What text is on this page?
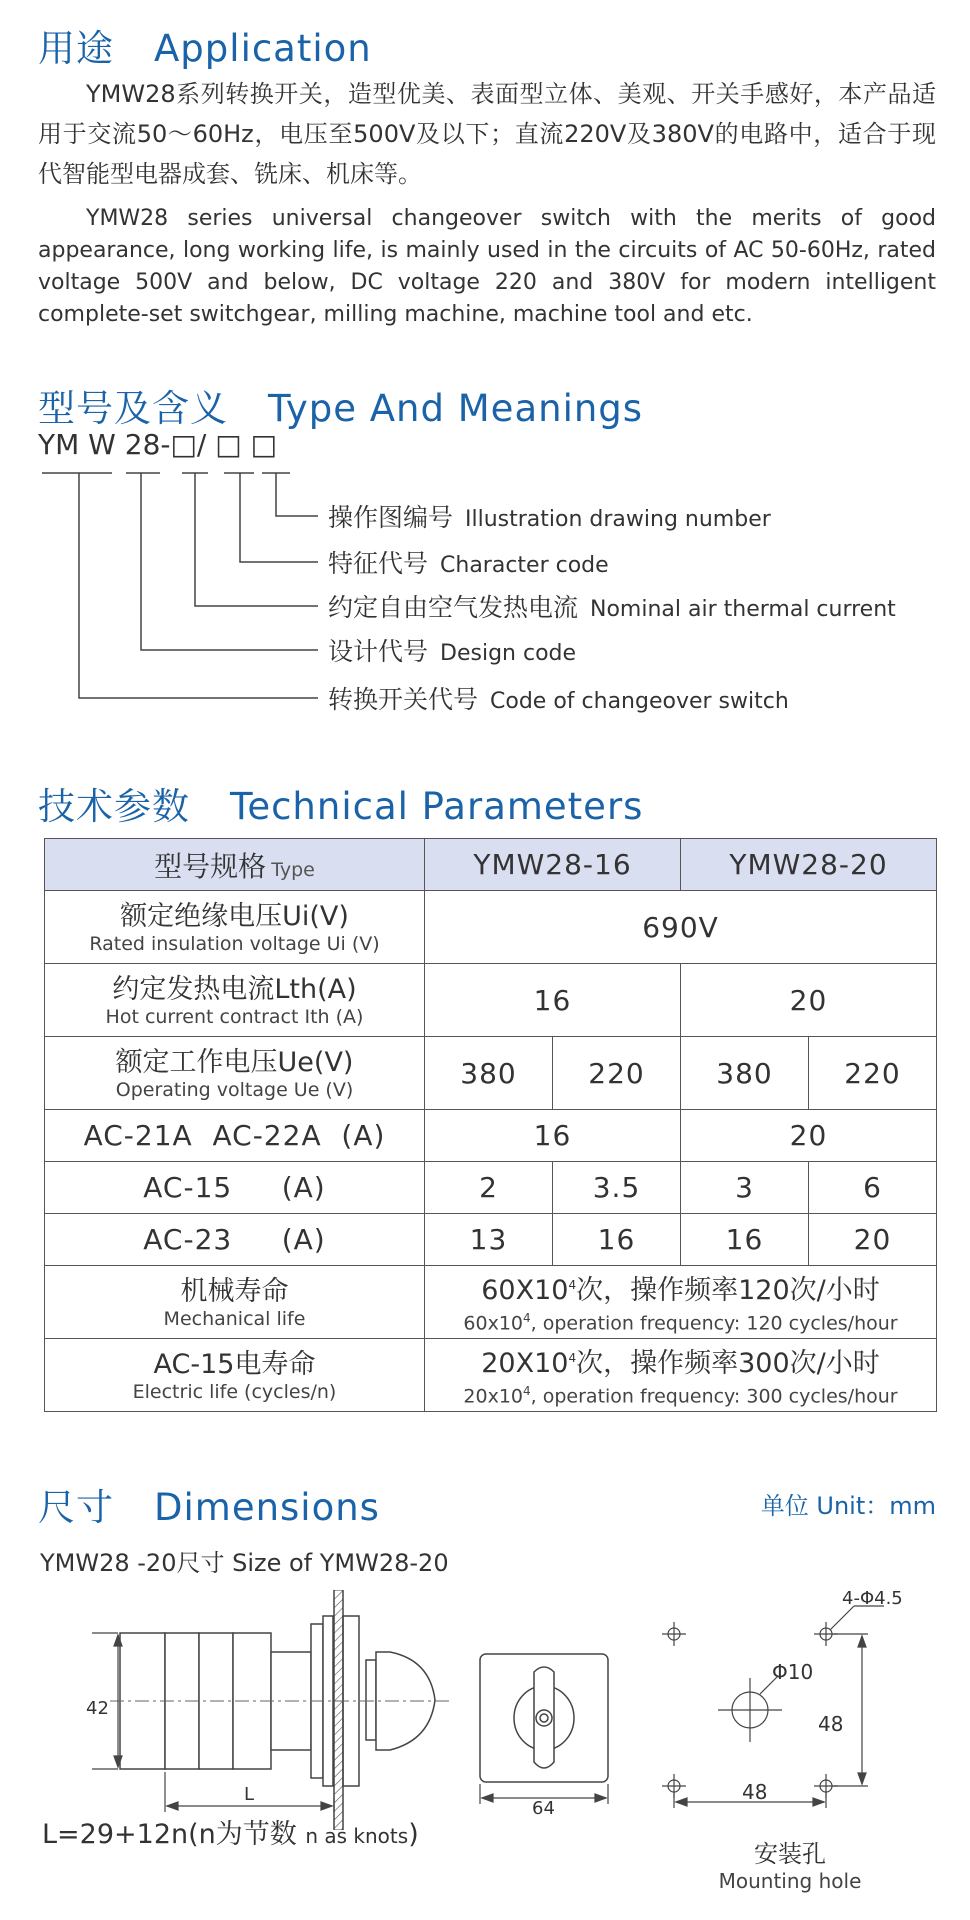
用途 Application
YMW28系列转换开关，造型优美、表面型立体、美观、开关手感好，本产品适用于交流50～60Hz，电压至500V及以下；直流220V及380V的电路中，适合于现代智能型电器成套、铣床、机床等。
YMW28 series universal changeover switch with the merits of good appearance, long working life, is mainly used in the circuits of AC 50-60Hz, rated voltage 500V and below, DC voltage 220 and 380V for modern intelligent complete-set switchgear, milling machine, machine tool and etc.
型号及含义 Type And Meanings
YM W 28-□/ □ □
操作图编号 Illustration drawing number
特征代号 Character code
约定自由空气发热电流 Nominal air thermal current
设计代号 Design code
转换开关代号 Code of changeover switch
技术参数 Technical Parameters
型号规格 Type	YMW28-16		YMW28-20	

额定绝缘电压Ui(V)
Rated insulation voltage Ui (V)	690V			

约定发热电流Lth(A)
Hot current contract Ith (A)	16		20	

额定工作电压Ue(V)
Operating voltage Ue (V)	380	220	380	220
AC-21A  AC-22A  (A)	16		20	
AC-15     (A)	2	3.5	3	6
AC-23     (A)	13	16	16	20

机械寿命
Mechanical life	$60X10^4$次，操作频率120次/小时
$60x10^4$, operation frequency: 120 cycles/hour			

AC-15电寿命
Electric life (cycles/n)	$20X10^4$次，操作频率300次/小时
$20x10^4$, operation frequency: 300 cycles/hour			
尺寸 Dimensions	单位 Unit：mm
YMW28 -20尺寸 Size of YMW28-20
42
L
64
4-Φ4.5
Φ10
48
48
L=29+12n(n为节数 n as knots)
安装孔
Mounting hole
